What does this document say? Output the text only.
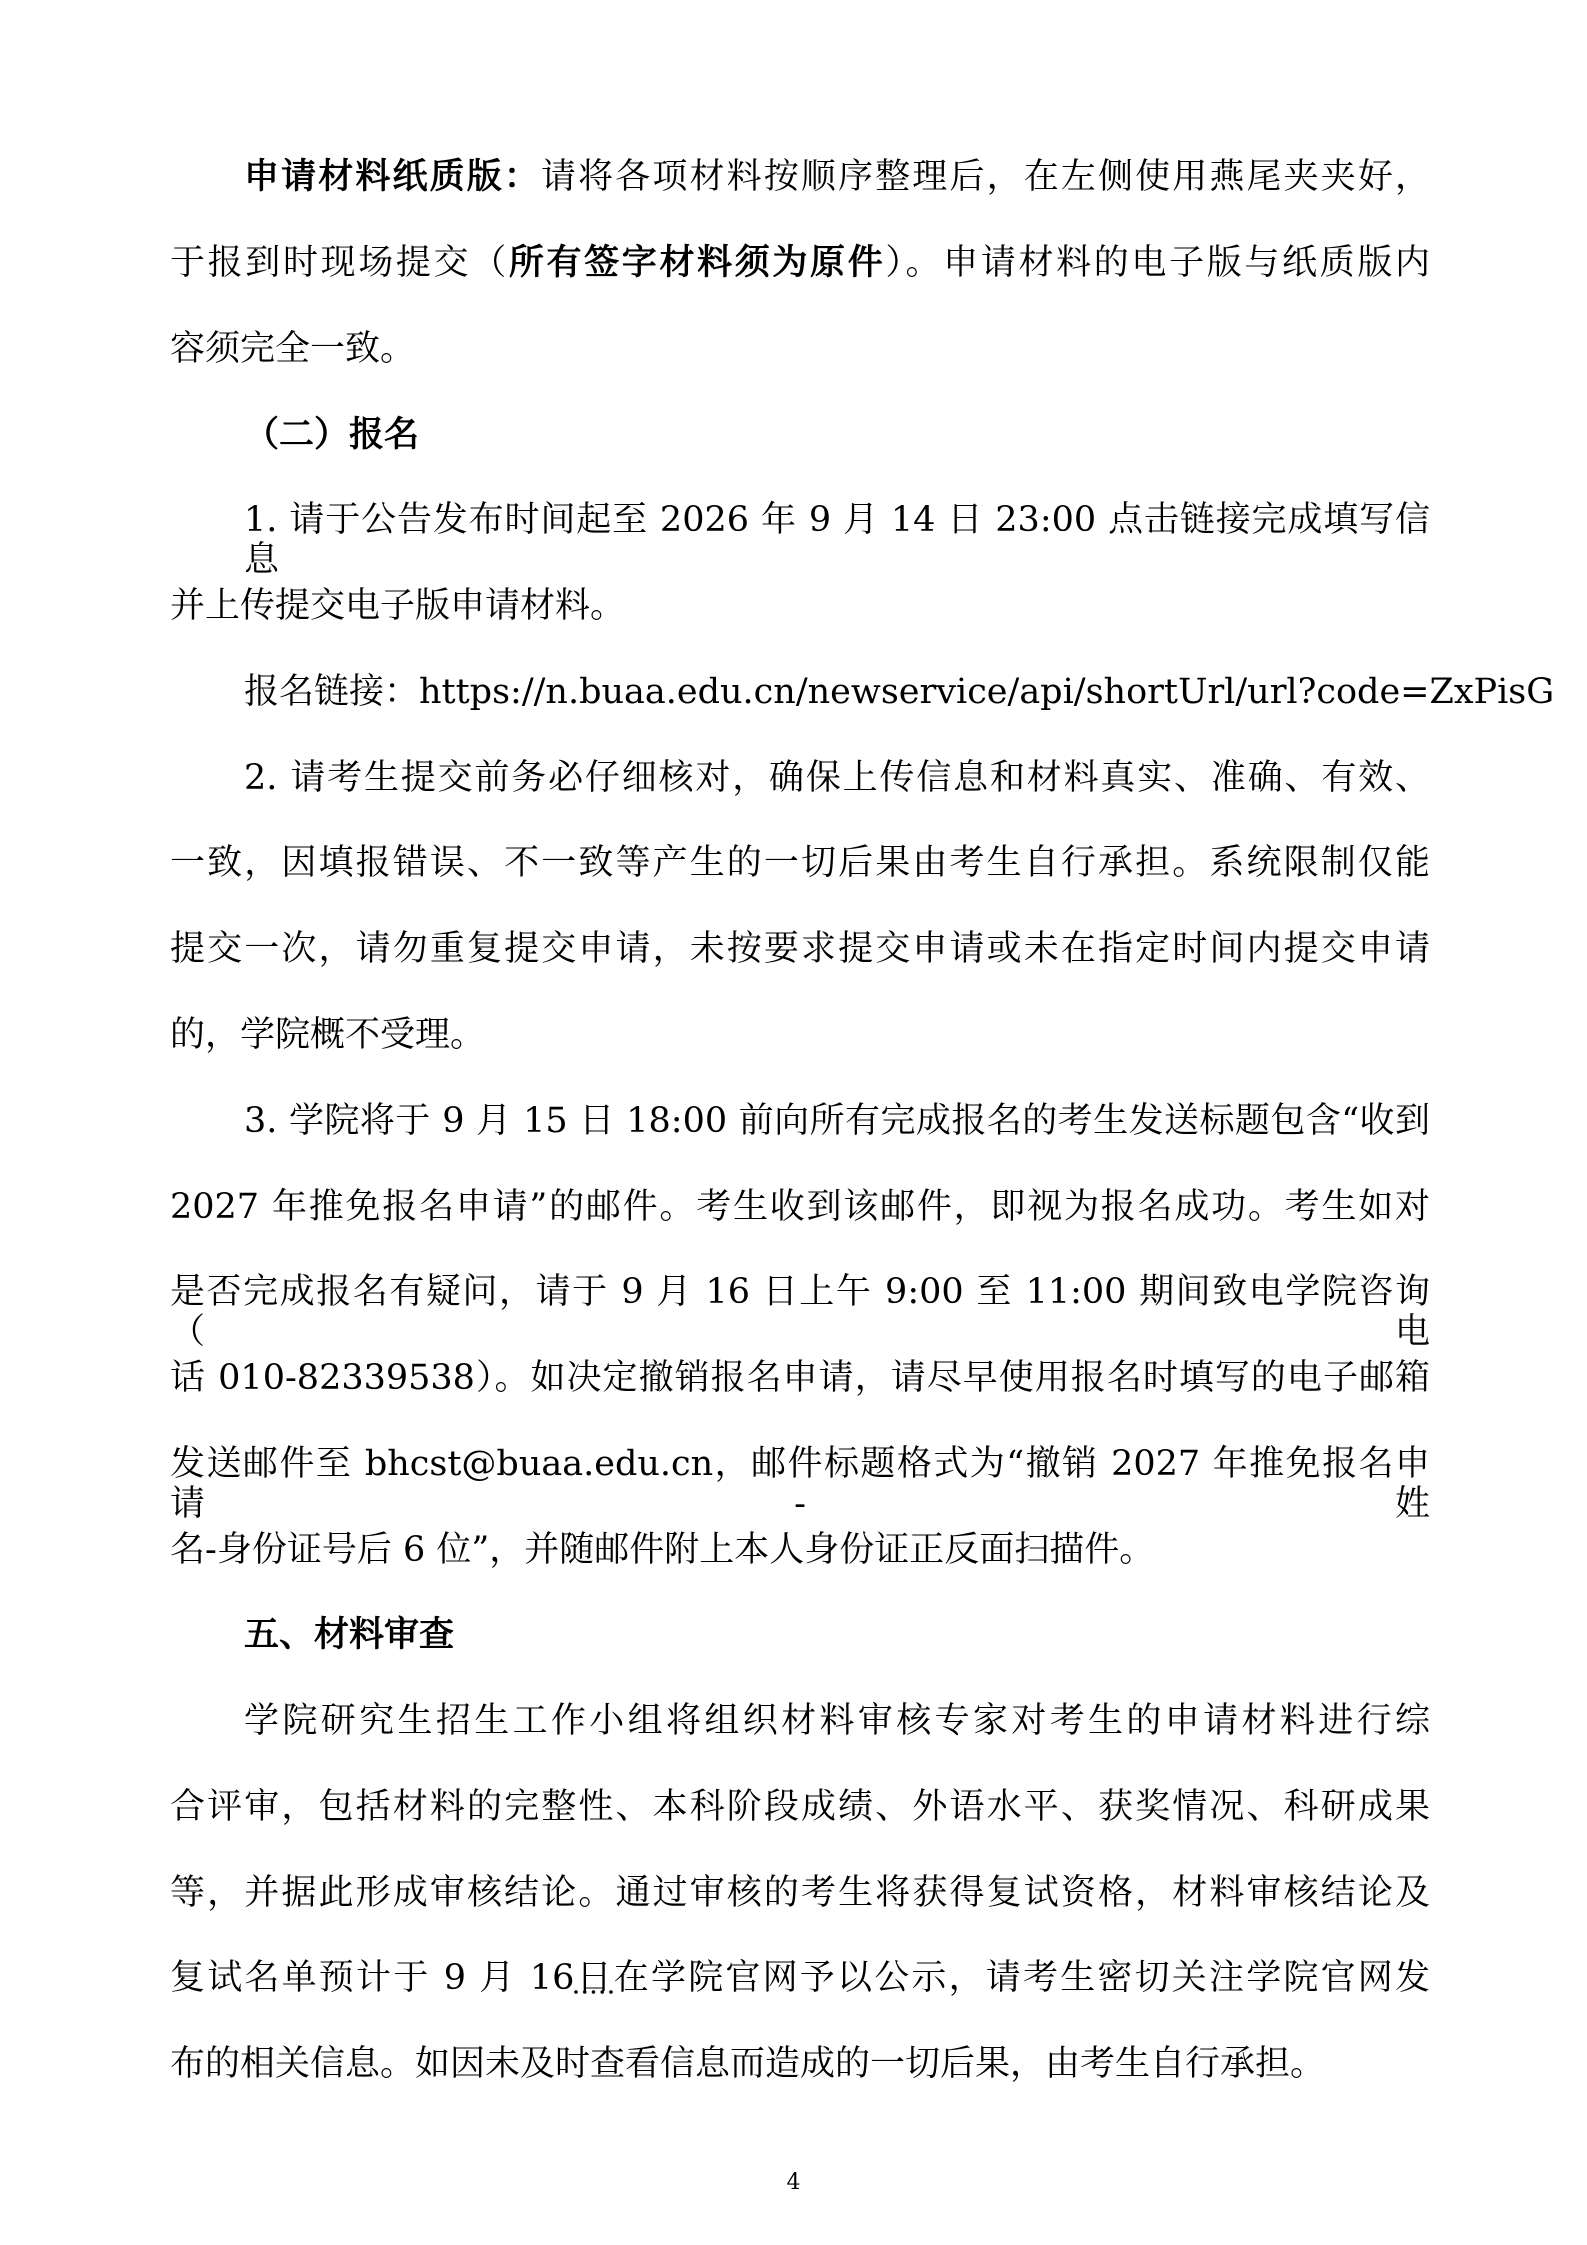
申请材料纸质版：请将各项材料按顺序整理后，在左侧使用燕尾夹夹好，
于报到时现场提交（所有签字材料须为原件）。申请材料的电子版与纸质版内
容须完全一致。
（二）报名
1. 请于公告发布时间起至 2026 年 9 月 14 日 23:00 点击链接完成填写信息
并上传提交电子版申请材料。
报名链接：https://n.buaa.edu.cn/newservice/api/shortUrl/url?code=ZxPisG
2. 请考生提交前务必仔细核对，确保上传信息和材料真实、准确、有效、
一致，因填报错误、不一致等产生的一切后果由考生自行承担。系统限制仅能
提交一次，请勿重复提交申请，未按要求提交申请或未在指定时间内提交申请
的，学院概不受理。
3. 学院将于 9 月 15 日 18:00 前向所有完成报名的考生发送标题包含“收到
2027 年推免报名申请”的邮件。考生收到该邮件，即视为报名成功。考生如对
是否完成报名有疑问，请于 9 月 16 日上午 9:00 至 11:00 期间致电学院咨询（电
话 010-82339538）。如决定撤销报名申请，请尽早使用报名时填写的电子邮箱
发送邮件至 bhcst@buaa.edu.cn，邮件标题格式为“撤销 2027 年推免报名申请-姓
名-身份证号后 6 位”，并随邮件附上本人身份证正反面扫描件。
五、材料审查
学院研究生招生工作小组将组织材料审核专家对考生的申请材料进行综
合评审，包括材料的完整性、本科阶段成绩、外语水平、获奖情况、科研成果
等，并据此形成审核结论。通过审核的考生将获得复试资格，材料审核结论及
复试名单预计于 9 月 16日在学院官网予以公示，请考生密切关注学院官网发
布的相关信息。如因未及时查看信息而造成的一切后果，由考生自行承担。
4
